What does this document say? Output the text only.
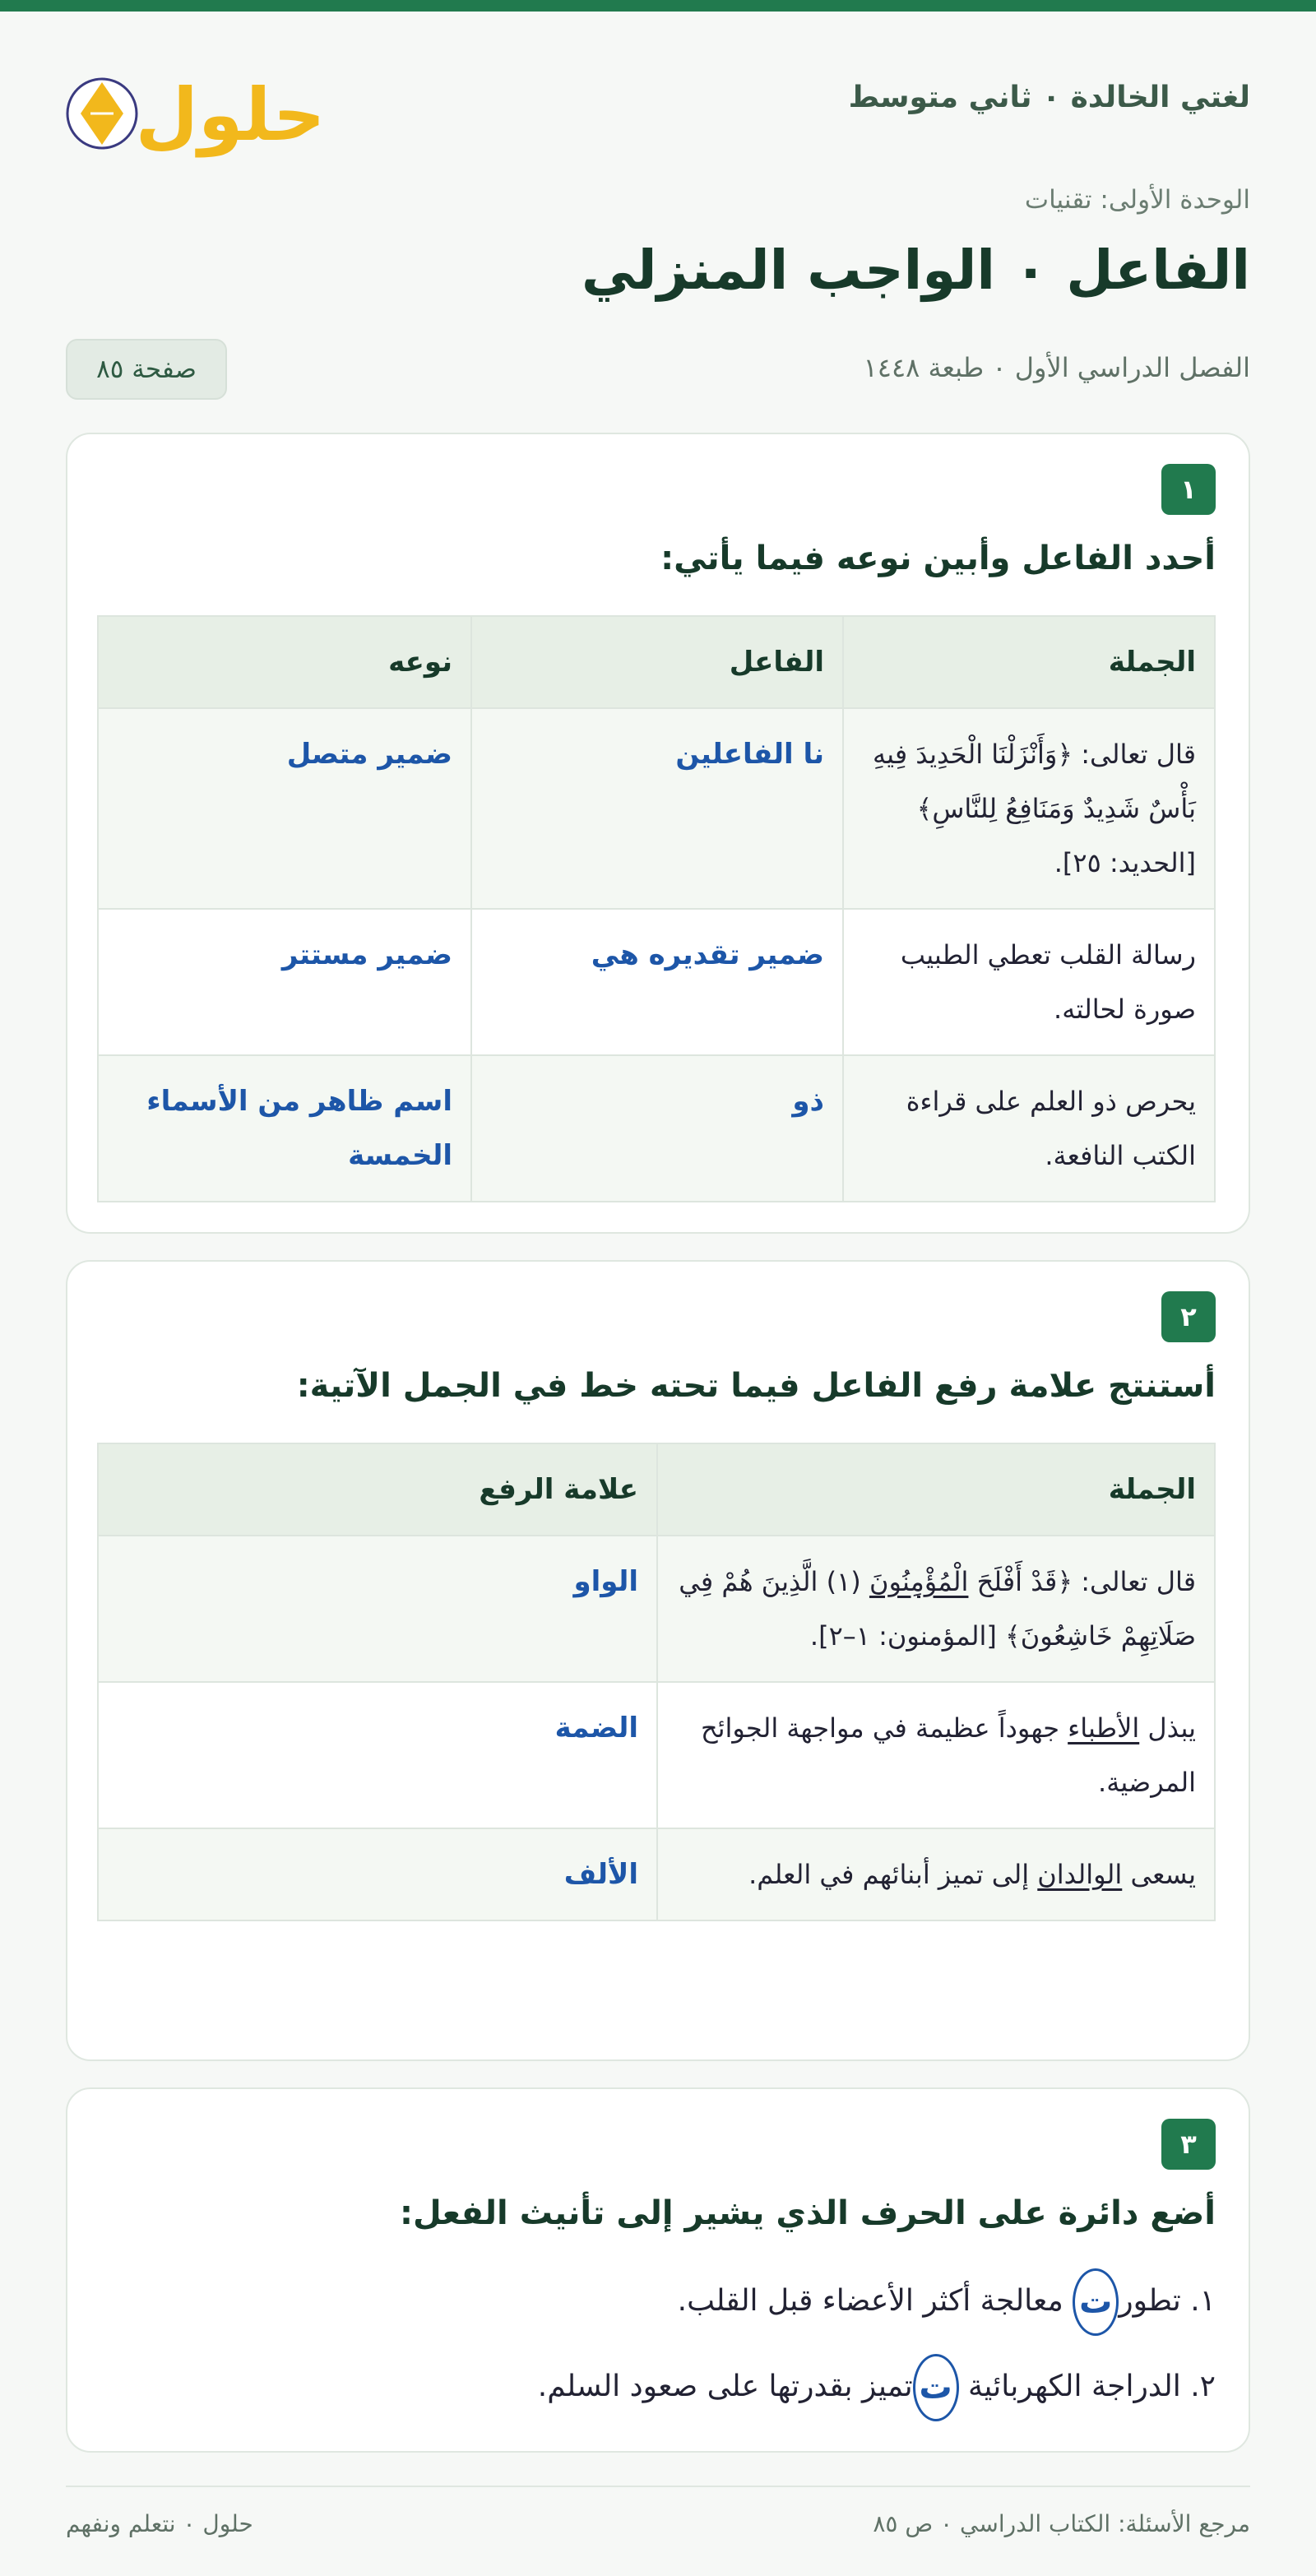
حلول	لغتي الخالدة ٠ ثاني متوسط
الوحدة الأولى: تقنيات
الفاعل ٠ الواجب المنزلي
الفصل الدراسي الأول ٠ طبعة ١٤٤٨
صفحة ٨٥
١
أحدد الفاعل وأبين نوعه فيما يأتي:
الجملة	الفاعل	نوعه
قال تعالى: ﴿وَأَنْزَلْنَا الْحَدِيدَ فِيهِ بَأْسٌ شَدِيدٌ وَمَنَافِعُ لِلنَّاسِ﴾ [الحديد: ٢٥].	نا الفاعلين	ضمير متصل
رسالة القلب تعطي الطبيب صورة لحالته.	ضمير تقديره هي	ضمير مستتر
يحرص ذو العلم على قراءة الكتب النافعة.	ذو	اسم ظاهر من الأسماء الخمسة
٢
أستنتج علامة رفع الفاعل فيما تحته خط في الجمل الآتية:
الجملة	علامة الرفع
قال تعالى: ﴿قَدْ أَفْلَحَ الْمُؤْمِنُونَ (١) الَّذِينَ هُمْ فِي صَلَاتِهِمْ خَاشِعُونَ﴾ [المؤمنون: ١–٢].	الواو
يبذل الأطباء جهوداً عظيمة في مواجهة الجوائح المرضية.	الضمة
يسعى الوالدان إلى تميز أبنائهم في العلم.	الألف
٣
أضع دائرة على الحرف الذي يشير إلى تأنيث الفعل:
١. تطورت معالجة أكثر الأعضاء قبل القلب.
٢. الدراجة الكهربائية تتميز بقدرتها على صعود السلم.
مرجع الأسئلة: الكتاب الدراسي ٠ ص ٨٥
حلول ٠ نتعلم ونفهم
